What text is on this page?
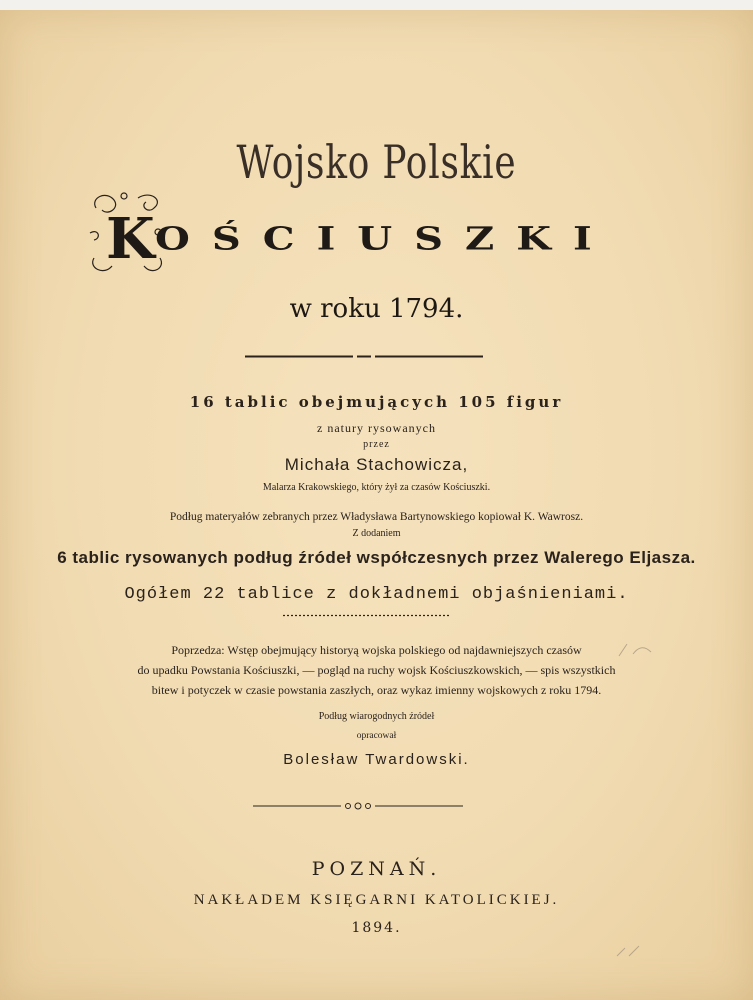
Wojsko Polskie
K OŚCIUSZKI
w roku 1794.
16 tablic obejmujących 105 figur
z natury rysowanych
przez
Michała Stachowicza,
Malarza Krakowskiego, który żył za czasów Kościuszki.
Podług materyałów zebranych przez Władysława Bartynowskiego kopiował K. Wawrosz.
Z dodaniem
6 tablic rysowanych podług źródeł współczesnych przez Walerego Eljasza.
Ogółem 22 tablice z dokładnemi objaśnieniami.
Poprzedza: Wstęp obejmujący historyą wojska polskiego od najdawniejszych czasów
do upadku Powstania Kościuszki, — pogląd na ruchy wojsk Kościuszkowskich, — spis wszystkich
bitew i potyczek w czasie powstania zaszłych, oraz wykaz imienny wojskowych z roku 1794.
Podług wiarogodnych źródeł
opracował
Bolesław Twardowski.
POZNAŃ.
NAKŁADEM KSIĘGARNI KATOLICKIEJ.
1894.
